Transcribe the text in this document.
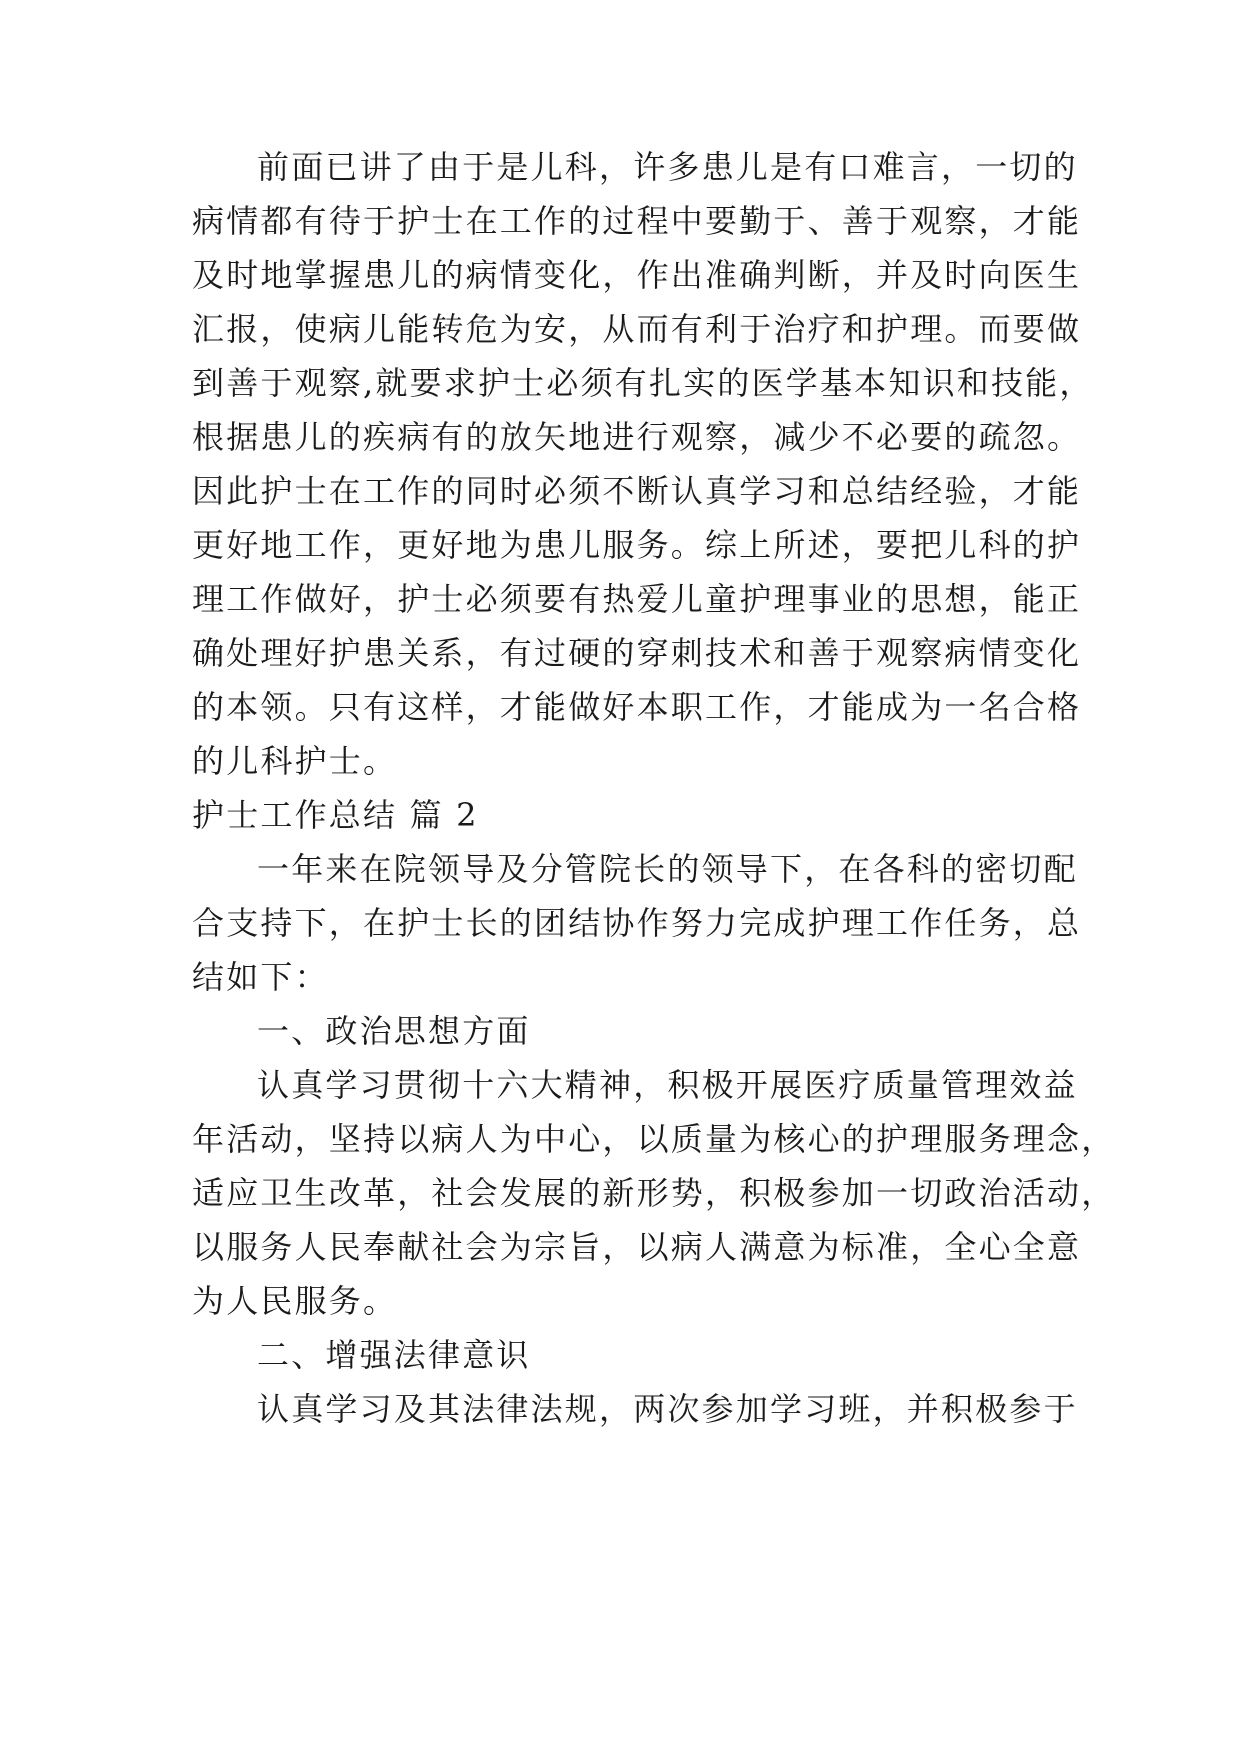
前面已讲了由于是儿科，许多患儿是有口难言，一切的
病情都有待于护士在工作的过程中要勤于、善于观察，才能
及时地掌握患儿的病情变化，作出准确判断，并及时向医生
汇报，使病儿能转危为安，从而有利于治疗和护理。而要做
到善于观察,就要求护士必须有扎实的医学基本知识和技能，
根据患儿的疾病有的放矢地进行观察，减少不必要的疏忽。
因此护士在工作的同时必须不断认真学习和总结经验，才能
更好地工作，更好地为患儿服务。综上所述，要把儿科的护
理工作做好，护士必须要有热爱儿童护理事业的思想，能正
确处理好护患关系，有过硬的穿刺技术和善于观察病情变化
的本领。只有这样，才能做好本职工作，才能成为一名合格
的儿科护士。
护士工作总结 篇 2
一年来在院领导及分管院长的领导下，在各科的密切配
合支持下，在护士长的团结协作努力完成护理工作任务，总
结如下：
一、政治思想方面
认真学习贯彻十六大精神，积极开展医疗质量管理效益
年活动，坚持以病人为中心，以质量为核心的护理服务理念，
适应卫生改革，社会发展的新形势，积极参加一切政治活动，
以服务人民奉献社会为宗旨，以病人满意为标准，全心全意
为人民服务。
二、增强法律意识
认真学习及其法律法规，两次参加学习班，并积极参于
